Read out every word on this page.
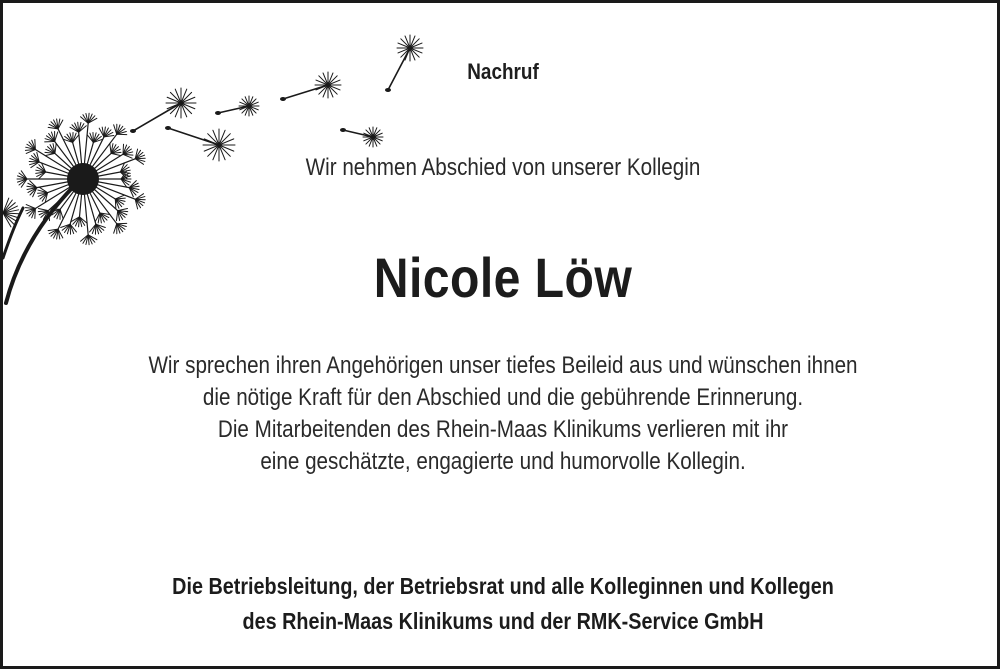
Nachruf
Wir nehmen Abschied von unserer Kollegin
Nicole Löw
Wir sprechen ihren Angehörigen unser tiefes Beileid aus und wünschen ihnen
die nötige Kraft für den Abschied und die gebührende Erinnerung.
Die Mitarbeitenden des Rhein-Maas Klinikums verlieren mit ihr
eine geschätzte, engagierte und humorvolle Kollegin.
Die Betriebsleitung, der Betriebsrat und alle Kolleginnen und Kollegen
des Rhein-Maas Klinikums und der RMK-Service GmbH
